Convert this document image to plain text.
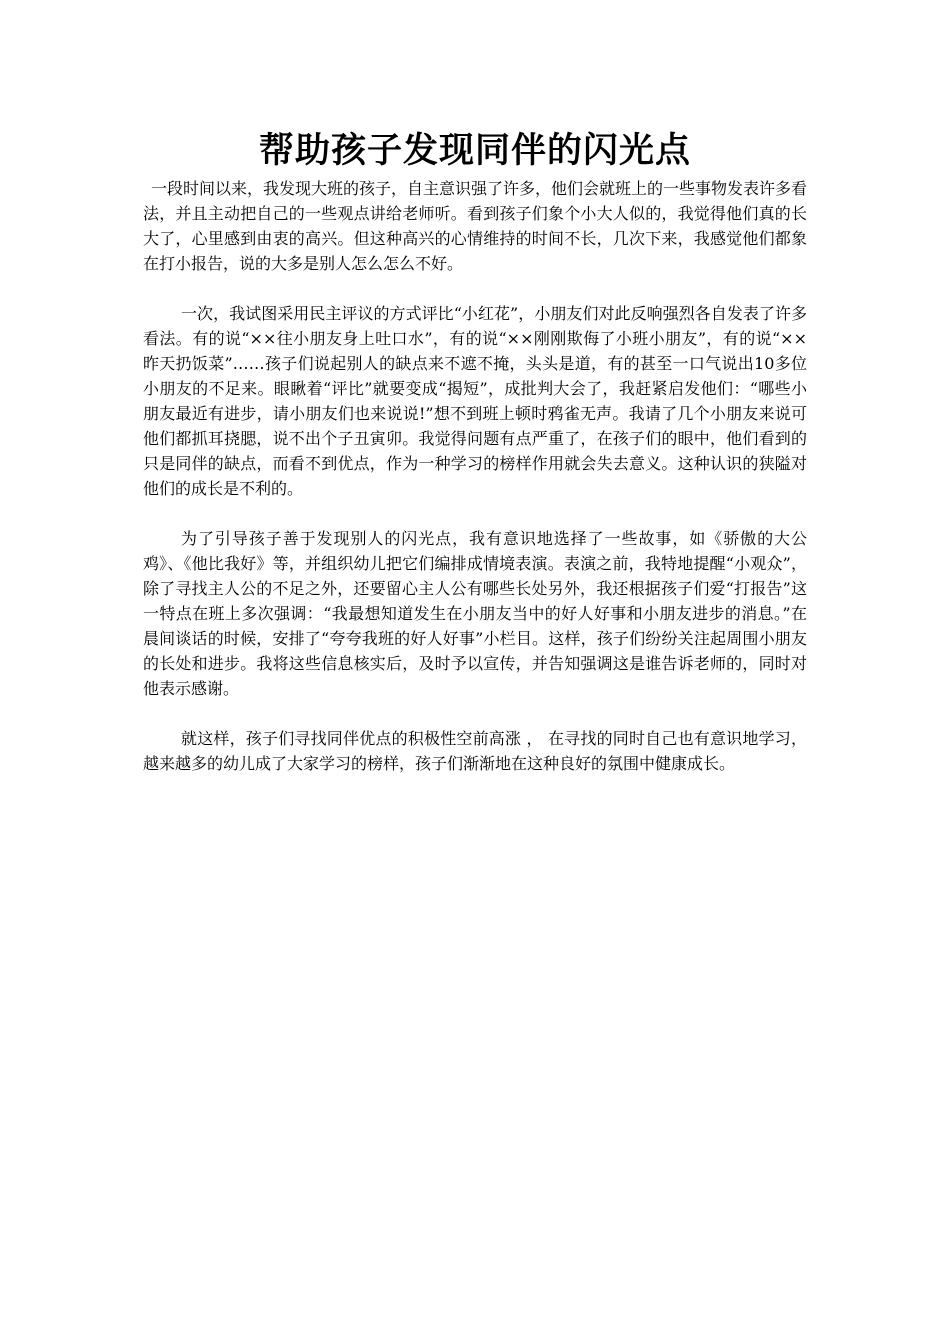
帮助孩子发现同伴的闪光点

一段时间以来，我发现大班的孩子，自主意识强了许多，他们会就班上的一些事物发表许多看法，并且主动把自己的一些观点讲给老师听。看到孩子们象个小大人似的，我觉得他们真的长大了，心里感到由衷的高兴。但这种高兴的心情维持的时间不长，几次下来，我感觉他们都象在打小报告，说的大多是别人怎么怎么不好。

一次，我试图采用民主评议的方式评比“小红花”，小朋友们对此反响强烈各自发表了许多看法。有的说“××往小朋友身上吐口水”，有的说“××刚刚欺侮了小班小朋友”，有的说“××昨天扔饭菜”……孩子们说起别人的缺点来不遮不掩，头头是道，有的甚至一口气说出10多位小朋友的不足来。眼瞅着“评比”就要变成“揭短”，成批判大会了，我赶紧启发他们：“哪些小朋友最近有进步，请小朋友们也来说说!”想不到班上顿时鸦雀无声。我请了几个小朋友来说可他们都抓耳挠腮，说不出个子丑寅卯。我觉得问题有点严重了，在孩子们的眼中，他们看到的只是同伴的缺点，而看不到优点，作为一种学习的榜样作用就会失去意义。这种认识的狭隘对他们的成长是不利的。

为了引导孩子善于发现别人的闪光点，我有意识地选择了一些故事，如《骄傲的大公鸡》、《他比我好》等，并组织幼儿把它们编排成情境表演。表演之前，我特地提醒“小观众”，除了寻找主人公的不足之外，还要留心主人公有哪些长处另外，我还根据孩子们爱“打报告”这一特点在班上多次强调：“我最想知道发生在小朋友当中的好人好事和小朋友进步的消息。”在晨间谈话的时候，安排了“夸夸我班的好人好事”小栏目。这样，孩子们纷纷关注起周围小朋友的长处和进步。我将这些信息核实后，及时予以宣传，并告知强调这是谁告诉老师的，同时对他表示感谢。

就这样，孩子们寻找同伴优点的积极性空前高涨 ， 在寻找的同时自己也有意识地学习，越来越多的幼儿成了大家学习的榜样，孩子们渐渐地在这种良好的氛围中健康成长。
